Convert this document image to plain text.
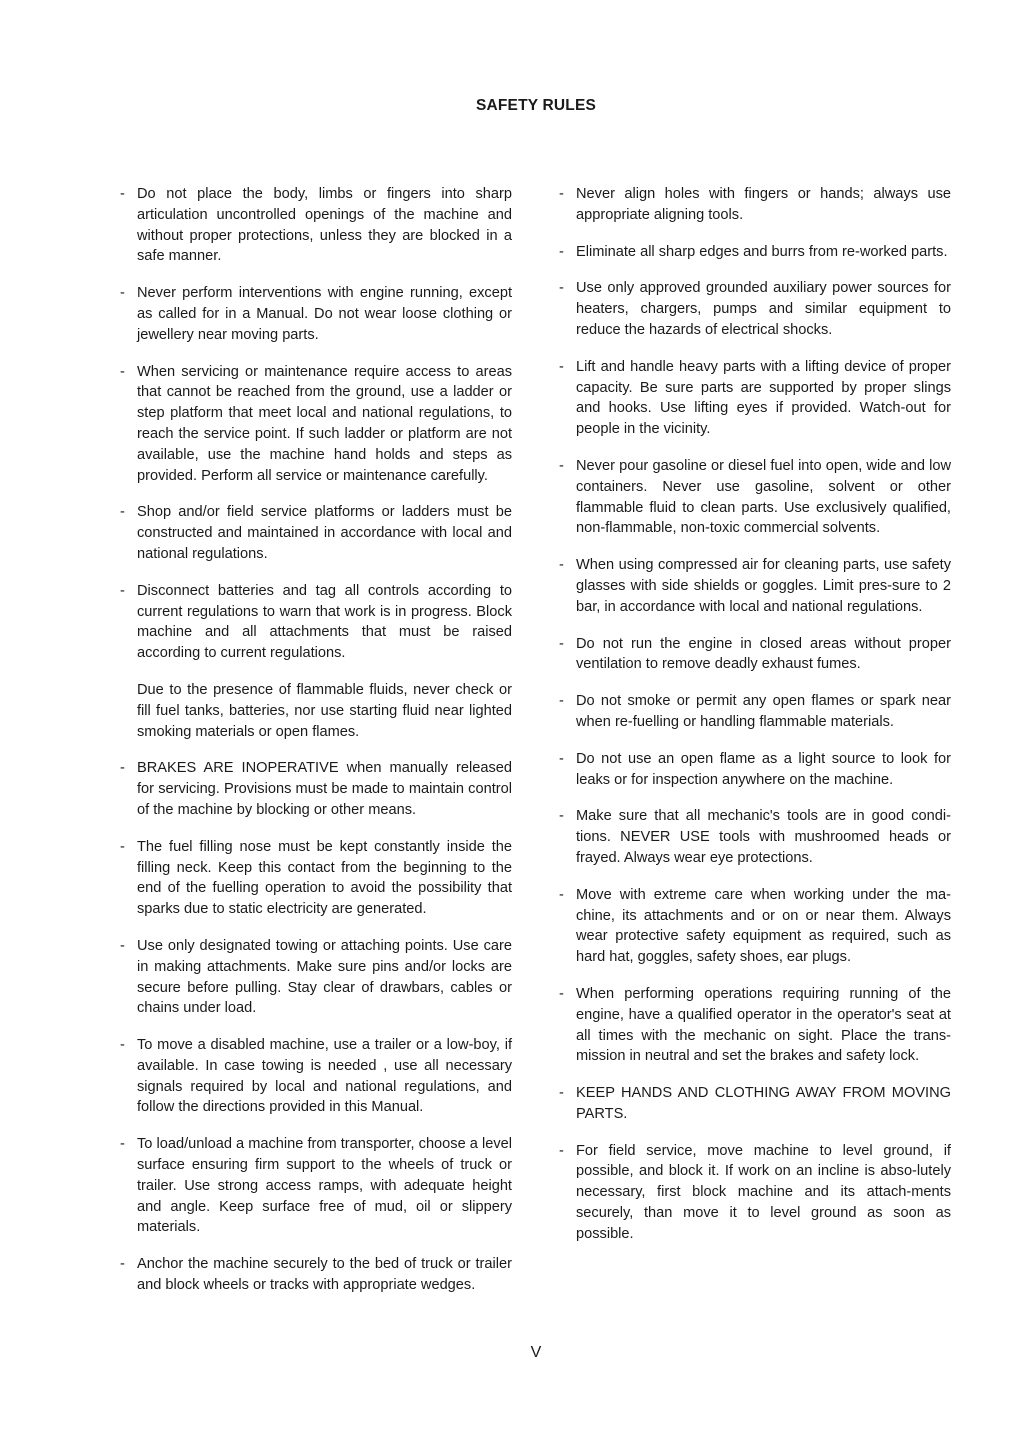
SAFETY RULES
- Do not place the body, limbs or fingers into sharp articulation uncontrolled openings of the machine and without proper protections, unless they are blocked in a safe manner.
- Never perform interventions with engine running, except as called for in a Manual. Do not wear loose clothing or jewellery near moving parts.
- When servicing or maintenance require access to areas that cannot be reached from the ground, use a ladder or step platform that meet local and national regulations, to reach the service point. If such ladder or platform are not available, use the machine hand holds and steps as provided. Perform all service or maintenance carefully.
- Shop and/or field service platforms or ladders must be constructed and maintained in accordance with local and national regulations.
- Disconnect batteries and tag all controls according to current regulations to warn that work is in progress. Block machine and all attachments that must be raised according to current regulations.
Due to the presence of flammable fluids, never check or fill fuel tanks, batteries, nor use starting fluid near lighted smoking materials or open flames.
- BRAKES ARE INOPERATIVE when manually released for servicing. Provisions must be made to maintain control of the machine by blocking or other means.
- The fuel filling nose must be kept constantly inside the filling neck. Keep this contact from the beginning to the end of the fuelling operation to avoid the possibility that sparks due to static electricity are generated.
- Use only designated towing or attaching points. Use care in making attachments. Make sure pins and/or locks are secure before pulling. Stay clear of drawbars, cables or chains under load.
- To move a disabled machine, use a trailer or a low-boy, if available. In case towing is needed , use all necessary signals required by local and national regulations, and follow the directions provided in this Manual.
- To load/unload a machine from transporter, choose a level surface ensuring firm support to the wheels of truck or trailer. Use strong access ramps, with adequate height and angle. Keep surface free of mud, oil or slippery materials.
- Anchor the machine securely to the bed of truck or trailer and block wheels or tracks with appropriate wedges.
- Never align holes with fingers or hands; always use appropriate aligning tools.
- Eliminate all sharp edges and burrs from re-worked parts.
- Use only approved grounded auxiliary power sources for heaters, chargers, pumps and similar equipment to reduce the hazards of electrical shocks.
- Lift and handle heavy parts with a lifting device of proper capacity. Be sure parts are supported by proper slings and hooks. Use lifting eyes if provided. Watch-out for people in the vicinity.
- Never pour gasoline or diesel fuel into open, wide and low containers. Never use gasoline, solvent or other flammable fluid to clean parts. Use exclusively qualified, non-flammable, non-toxic commercial solvents.
- When using compressed air for cleaning parts, use safety glasses with side shields or goggles. Limit pres-sure to 2 bar, in accordance with local and national regulations.
- Do not run the engine in closed areas without proper ventilation to remove deadly exhaust fumes.
- Do not smoke or permit any open flames or spark near when re-fuelling or handling flammable materials.
- Do not use an open flame as a light source to look for leaks or for inspection anywhere on the machine.
- Make sure that all mechanic's tools are in good condi-tions. NEVER USE tools with mushroomed heads or frayed. Always wear eye protections.
- Move with extreme care when working under the ma-chine, its attachments and or on or near them. Always wear protective safety equipment as required, such as hard hat, goggles, safety shoes, ear plugs.
- When performing operations requiring running of the engine, have a qualified operator in the operator's seat at all times with the mechanic on sight. Place the trans-mission in neutral and set the brakes and safety lock.
- KEEP HANDS AND CLOTHING AWAY FROM MOVING PARTS.
- For field service, move machine to level ground, if possible, and block it. If work on an incline is abso-lutely necessary, first block machine and its attach-ments securely, than move it to level ground as soon as possible.
V
